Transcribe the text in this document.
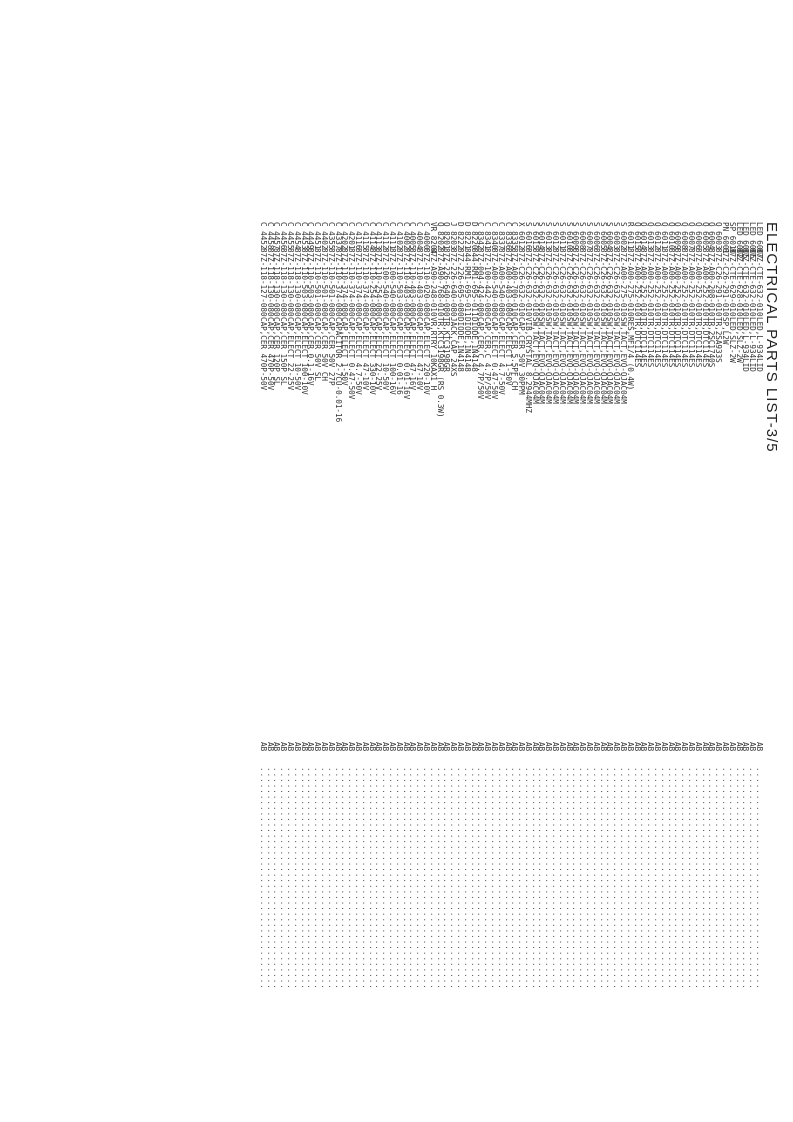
ELECTRICAL PARTS LIST-3/5
LED 6007
87Z-CTE-632-010
LED,L-934LID
AB
........................................
LED 6006
87Z-CTE-632-010
LED,L-934LID
AB
........................................
LED 6005
87Z-CTE-632-010
LED,L-934LID
AB
........................................
LED 6002
87Z-CTE-628-010
LED,SLZ-2W
AB
........................................
SP 6010
87Z-CTE-629-010
LED,SLZ-2W
AB
........................................
PN 6001
87Z-C26-291-010
SP,L2W
AB
........................................
Q 6003
87Z-C26-291-010
TR,2SA933S
AB
........................................
Q 6004
87Z-A00-208-010
TR,2SC1740S
AB
........................................
Q 6005
87Z-A00-252-010
TR,DTC114ES
AB
........................................
Q 6006
87Z-A00-252-010
TR,DTC114ES
AB
........................................
Q 6007
87Z-A00-252-010
TR,DTC114ES
AB
........................................
Q 6008
87Z-A00-252-010
TR,DTC114ES
AB
........................................
Q 6009
87Z-A00-252-010
TR,DTC114ES
AB
........................................
Q 6010
87Z-A00-252-010
TR,DTC114ES
AB
........................................
Q 6011
87Z-A00-252-010
TR,DTC114ES
AB
........................................
Q 6012
87Z-A00-252-010
TR,DTC114ES
AB
........................................
Q 6013
87Z-A00-252-010
TR,DTC114ES
AB
........................................
Q 6014
87Z-A00-252-010
TR,DTC114ES
AB
........................................
Q 6015
87Z-A00-252-010
TR,DTC114ES
AB
........................................
R 6011
87Z-A00-275-010
RES,MF1/4 (0.4W)
AB
........................................
S 6002
87Z-A00-275-010
SW,TACT,EVQ-QJAC04M
AB
........................................
S 6003
87Z-C26-632-010
SW,TACT,EVQ-QJAC04M
AB
........................................
S 6004
87Z-C26-632-010
SW,TACT,EVQ-QJAC04M
AB
........................................
S 6005
87Z-C26-632-010
SW,TACT,EVQ-QJAC04M
AB
........................................
S 6006
87Z-C26-632-010
SW,TACT,EVQ-QJAC04M
AB
........................................
S 6007
87Z-C26-632-010
SW,TACT,EVQ-QJAC04M
AB
........................................
S 6008
87Z-C26-632-010
SW,TACT,EVQ-QJAC04M
AB
........................................
S 6009
87Z-C26-632-010
SW,TACT,EVQ-QJAC04M
AB
........................................
S 6010
87Z-C26-632-010
SW,TACT,EVQ-QJAC04M
AB
........................................
S 6011
87Z-C26-632-010
SW,TACT,EVQ-QJAC04M
AB
........................................
S 6012
87Z-C26-632-010
SW,TACT,EVQ-QJAC04M
AB
........................................
S 6013
87Z-C26-632-010
SW,TACT,EVQ-QJAC04M
AB
........................................
S 6014
87Z-C26-632-010
SW,TACT,EVQ-QJAC04M
AB
........................................
S 6015
87Z-C26-632-010
SW,TACT,EVQ-QJAC04M
AB
........................................
S 6016
87Z-C26-632-010
VIB,CRYSTAL 8.2944MHZ
AB
........................................
X 6012
87Z-C26-632-010
CAP,CER 50V 30PPM
AB
........................................
C 8335
87Z-A00-700-010
CAP,CER 5.5PF CH
AB
........................................
C 8336
87Z-A00-403-080
CAP,ELECT 1-50V
AB
........................................
C 8337
87Z-A00-540-080
CAP,ELECT 4.7-50V
AB
........................................
C 8340
87Z-A00-540-080
CAP,ELECT 0.47-50V
AB
........................................
C 8341
87Z-100-442-080
CAP,CER,C 4.7P/50V
AB
........................................
C 8342
87Z-004-424-080
CAP,CER,C 4.7P/50V
AB
........................................
D 8220
844-RM1-695-011
DIODE,1N4148
AB
........................................
D 8221
844-RM1-695-011
DIODE,1N4148
AB
........................................
D 8222
87Z-226-695-080
DIODE,1N4148
AB
........................................
J 8203
87Z-226-640-080
JACK,CAP 24XS
AB
........................................
Q 8201
87Z-226-640-080
TR,KTC3198GR
AB
........................................
Q 8202
87Z-A90-768-010
TR,KTC3198GR (RS 0.3W)
AB
........................................
VR 8204
87Z-A90-248-010
VR,RTRY 10KAX1 H
AB
........................................
C 4000
87Z-110-020-080
CAP,ELECT 220-10V
AB
........................................
C 4004
87Z-110-403-080
CAP,ELECT 47-10V
AB
........................................
C 4005
87Z-110-403-080
CAP,ELECT 47-16V
AB
........................................
C 4002
87Z-110-403-080
CAP,ELECT 0.01-16V
AB
........................................
C 4102
87Z-110-503-080
CAP,ELECT 0.01-16
AB
........................................
C 4111
87Z-100-540-080
CAP,ELECT 100-16V
AB
........................................
C 4112
87Z-100-540-080
CAP,ELECT 10-50V
AB
........................................
C 4113
87Z-110-254-080
CAP,ELECT 22-25V
AB
........................................
C 4114
87Z-110-254-080
CAP,ELECT 330-10V
AB
........................................
C 4115
87Z-110-374-080
CAP,ELECT 47-10V
AB
........................................
C 4116
87Z-110-374-080
CAP,ELECT 4.7-50V
AB
........................................
C 4201
87Z-110-374-080
CAP,ELECT 0.47-50V
AB
........................................
C 4202
87Z-110-374-080
CAP,ELECT 1-50V
AB
........................................
C 4337
87Z-110-374-080
CAPACITOR 2-7CU-0.01-16
AB
........................................
C 4355
87Z-110-501-080
CAP,CER 50V 27P
AB
........................................
C 4402
87Z-110-501-080
CAP,CER 50V CH
AB
........................................
C 4451
87Z-110-501-080
CAP,CER 50V SL
AB
........................................
C 4449
87Z-110-503-080
CAP,CER 0.1-16V
AB
........................................
C 4453
87Z-110-503-080
CAP,ELECT 100-10V
AB
........................................
C 4454
87Z-118-130-080
CAP,ELECT 10-50V
AB
........................................
C 4455
87Z-118-130-080
CAP,ELECT 22-25V
AB
........................................
C 4456
87Z-118-130-080
CAP,CER 150P SL
AB
........................................
C 4457
87Z-118-130-080
CAP,CER 120P SL
AB
........................................
C 4458
87Z-118-130-080
CAP,CER 470P-50V
AB
........................................
C 4452
87Z-118-127-080
CAP,CER 470P-50V
AB
........................................
